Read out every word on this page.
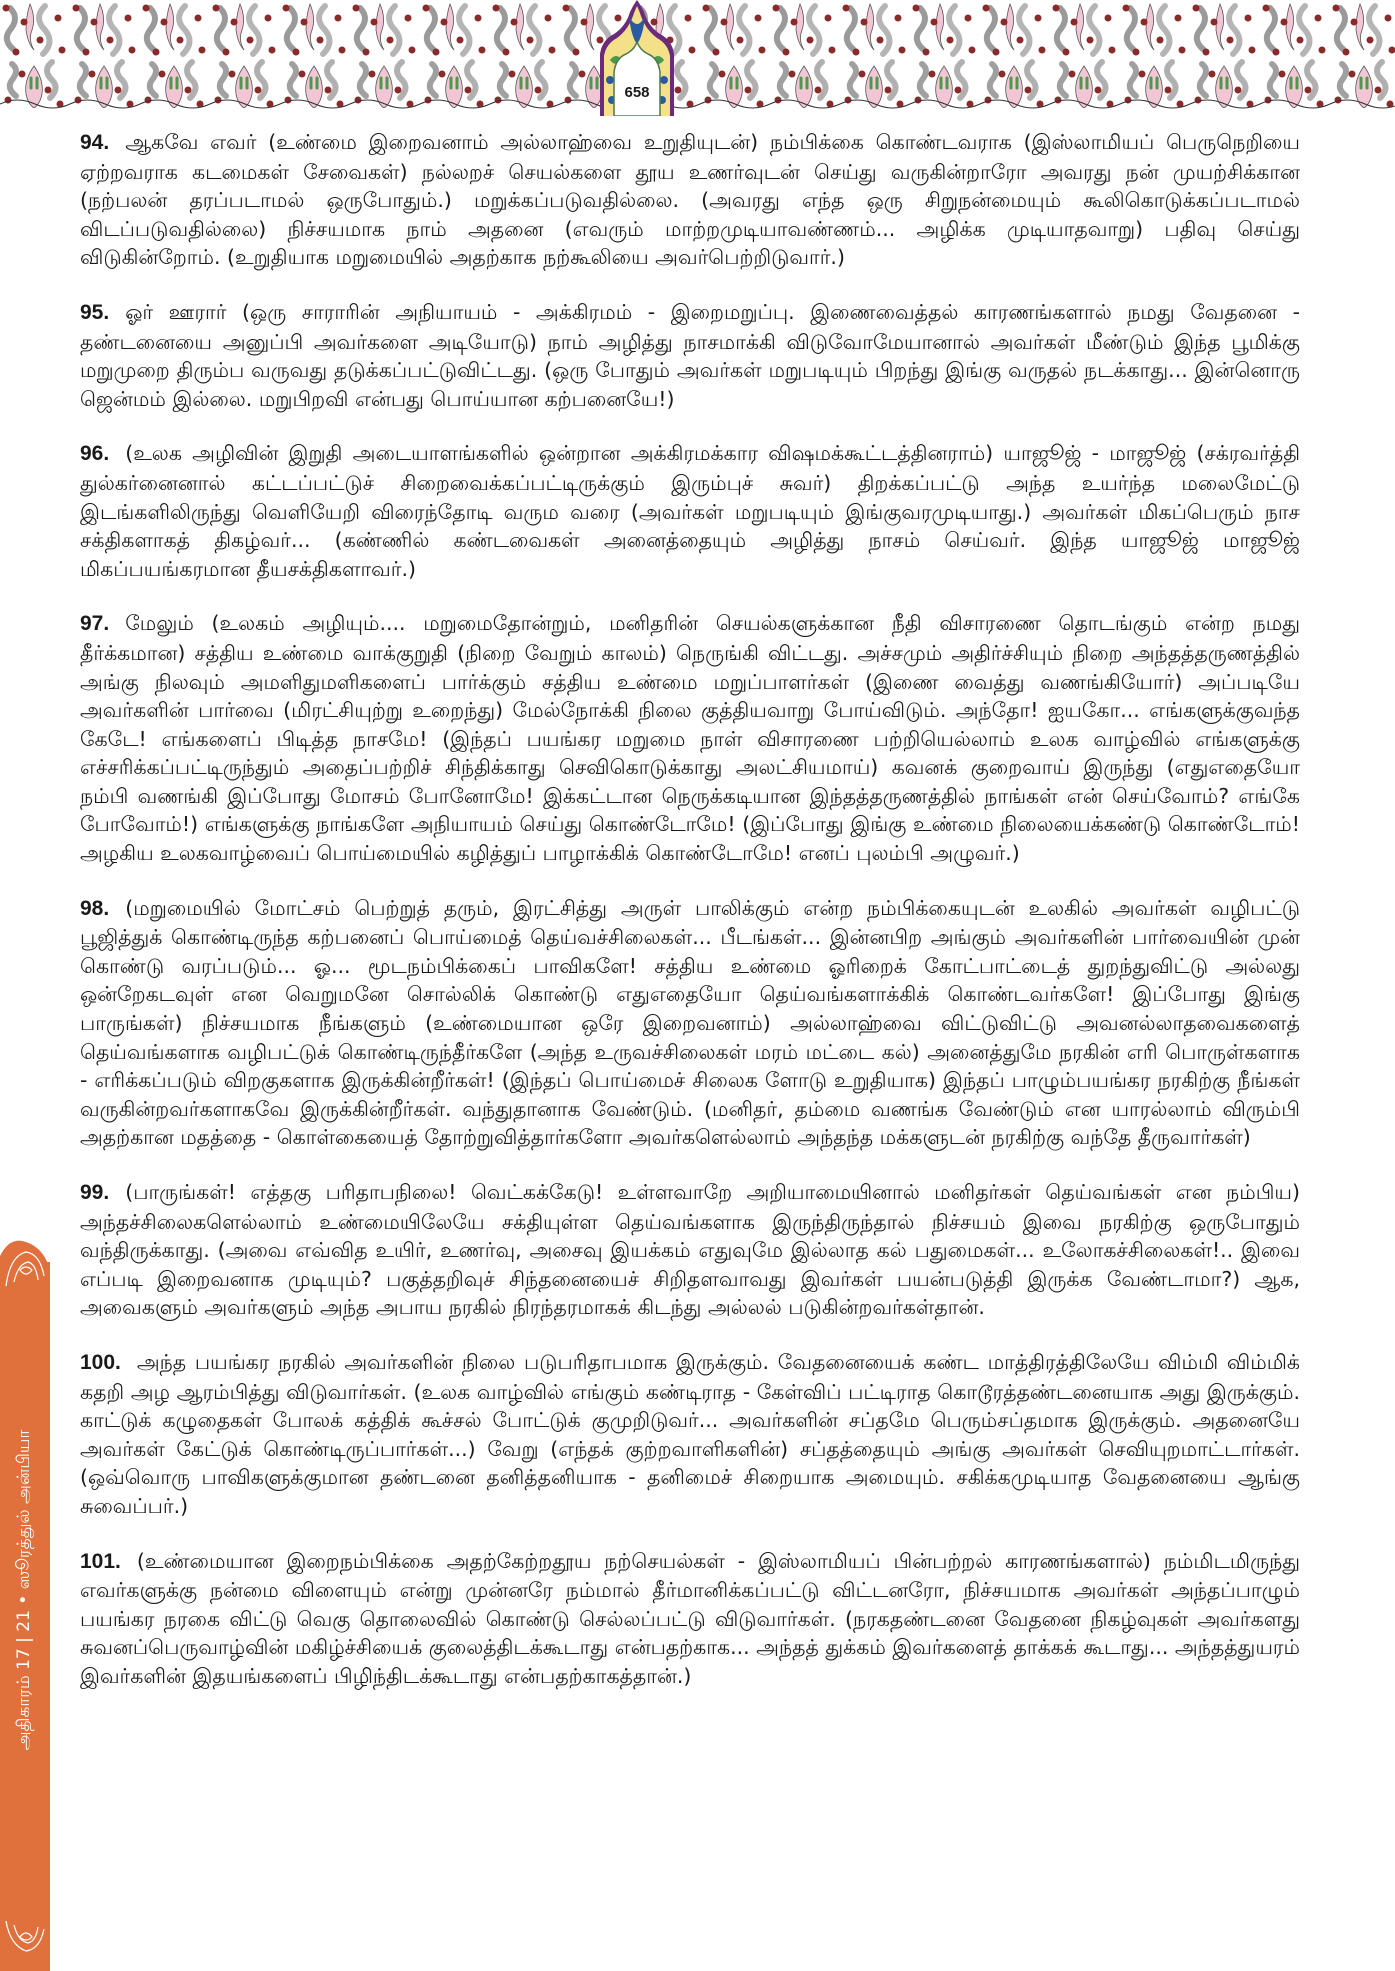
658
அதிகாரம் 17 | 21 • ஸூரத்துல் அன்பியா

94. ஆகவே எவர் (உண்மை இறைவனாம் அல்லாஹ்வை உறுதியுடன்) நம்பிக்கை கொண்டவராக (இஸ்லாமியப் பெருநெறியை ஏற்றவராக கடமைகள் சேவைகள்) நல்லறச் செயல்களை தூய உணர்வுடன் செய்து வருகின்றாரோ அவரது நன் முயற்சிக்கான (நற்பலன் தரப்படாமல் ஒருபோதும்.) மறுக்கப்படுவதில்லை. (அவரது எந்த ஒரு சிறுநன்மையும் கூலிகொடுக்கப்படாமல் விடப்படுவதில்லை) நிச்சயமாக நாம் அதனை (எவரும் மாற்றமுடியாவண்ணம்... அழிக்க முடியாதவாறு) பதிவு செய்து விடுகின்றோம். (உறுதியாக மறுமையில் அதற்காக நற்கூலியை அவர்பெற்றிடுவார்.)

95. ஓர் ஊரார் (ஒரு சாராரின் அநியாயம் - அக்கிரமம் - இறைமறுப்பு. இணைவைத்தல் காரணங்களால் நமது வேதனை - தண்டனையை அனுப்பி அவர்களை அடியோடு) நாம் அழித்து நாசமாக்கி விடுவோமேயானால் அவர்கள் மீண்டும் இந்த பூமிக்கு மறுமுறை திரும்ப வருவது தடுக்கப்பட்டுவிட்டது. (ஒரு போதும் அவர்கள் மறுபடியும் பிறந்து இங்கு வருதல் நடக்காது... இன்னொரு ஜென்மம் இல்லை. மறுபிறவி என்பது பொய்யான கற்பனையே!)

96. (உலக அழிவின் இறுதி அடையாளங்களில் ஒன்றான அக்கிரமக்கார விஷமக்கூட்டத்தினராம்) யாஜூஜ் - மாஜூஜ் (சக்ரவர்த்தி துல்கர்னைனால் கட்டப்பட்டுச் சிறைவைக்கப்பட்டிருக்கும் இரும்புச் சுவர்) திறக்கப்பட்டு அந்த உயர்ந்த மலைமேட்டு இடங்களிலிருந்து வெளியேறி விரைந்தோடி வரும வரை (அவர்கள் மறுபடியும் இங்குவரமுடியாது.) அவர்கள் மிகப்பெரும் நாச சக்திகளாகத் திகழ்வர்... (கண்ணில் கண்டவைகள் அனைத்தையும் அழித்து நாசம் செய்வர். இந்த யாஜூஜ் மாஜூஜ் மிகப்பயங்கரமான தீயசக்திகளாவர்.)

97. மேலும் (உலகம் அழியும்.... மறுமைதோன்றும், மனிதரின் செயல்களுக்கான நீதி விசாரணை தொடங்கும் என்ற நமது தீர்க்கமான) சத்திய உண்மை வாக்குறுதி (நிறை வேறும் காலம்) நெருங்கி விட்டது. அச்சமும் அதிர்ச்சியும் நிறை அந்தத்தருணத்தில் அங்கு நிலவும் அமளிதுமளிகளைப் பார்க்கும் சத்திய உண்மை மறுப்பாளர்கள் (இணை வைத்து வணங்கியோர்) அப்படியே அவர்களின் பார்வை (மிரட்சியுற்று உறைந்து) மேல்நோக்கி நிலை குத்தியவாறு போய்விடும். அந்தோ! ஐயகோ... எங்களுக்குவந்த கேடே! எங்களைப் பிடித்த நாசமே! (இந்தப் பயங்கர மறுமை நாள் விசாரணை பற்றியெல்லாம் உலக வாழ்வில் எங்களுக்கு எச்சரிக்கப்பட்டிருந்தும் அதைப்பற்றிச் சிந்திக்காது செவிகொடுக்காது அலட்சியமாய்) கவனக் குறைவாய் இருந்து (எதுஎதையோ நம்பி வணங்கி இப்போது மோசம் போனோமே! இக்கட்டான நெருக்கடியான இந்தத்தருணத்தில் நாங்கள் என் செய்வோம்? எங்கே போவோம்!) எங்களுக்கு நாங்களே அநியாயம் செய்து கொண்டோமே! (இப்போது இங்கு உண்மை நிலையைக்கண்டு கொண்டோம்! அழகிய உலகவாழ்வைப் பொய்மையில் கழித்துப் பாழாக்கிக் கொண்டோமே! எனப் புலம்பி அழுவர்.)

98. (மறுமையில் மோட்சம் பெற்றுத் தரும், இரட்சித்து அருள் பாலிக்கும் என்ற நம்பிக்கையுடன் உலகில் அவர்கள் வழிபட்டு பூஜித்துக் கொண்டிருந்த கற்பனைப் பொய்மைத் தெய்வச்சிலைகள்... பீடங்கள்... இன்னபிற அங்கும் அவர்களின் பார்வையின் முன் கொண்டு வரப்படும்... ஓ... மூடநம்பிக்கைப் பாவிகளே! சத்திய உண்மை ஓரிறைக் கோட்பாட்டைத் துறந்துவிட்டு அல்லது ஒன்றேகடவுள் என வெறுமனே சொல்லிக் கொண்டு எதுஎதையோ தெய்வங்களாக்கிக் கொண்டவர்களே! இப்போது இங்கு பாருங்கள்) நிச்சயமாக நீங்களும் (உண்மையான ஒரே இறைவனாம்) அல்லாஹ்வை விட்டுவிட்டு அவனல்லாதவைகளைத் தெய்வங்களாக வழிபட்டுக் கொண்டிருந்தீர்களே (அந்த உருவச்சிலைகள் மரம் மட்டை கல்) அனைத்துமே நரகின் எரி பொருள்களாக - எரிக்கப்படும் விறகுகளாக இருக்கின்றீர்கள்! (இந்தப் பொய்மைச் சிலைக ளோடு உறுதியாக) இந்தப் பாழும்பயங்கர நரகிற்கு நீங்கள் வருகின்றவர்களாகவே இருக்கின்றீர்கள். வந்துதானாக வேண்டும். (மனிதர், தம்மை வணங்க வேண்டும் என யாரல்லாம் விரும்பி அதற்கான மதத்தை - கொள்கையைத் தோற்றுவித்தார்களோ அவர்களெல்லாம் அந்தந்த மக்களுடன் நரகிற்கு வந்தே தீருவார்கள்)

99. (பாருங்கள்! எத்தகு பரிதாபநிலை! வெட்கக்கேடு! உள்ளவாறே அறியாமையினால் மனிதர்கள் தெய்வங்கள் என நம்பிய) அந்தச்சிலைகளெல்லாம் உண்மையிலேயே சக்தியுள்ள தெய்வங்களாக இருந்திருந்தால் நிச்சயம் இவை நரகிற்கு ஒருபோதும் வந்திருக்காது. (அவை எவ்வித உயிர், உணர்வு, அசைவு இயக்கம் எதுவுமே இல்லாத கல் பதுமைகள்... உலோகச்சிலைகள்!.. இவை எப்படி இறைவனாக முடியும்? பகுத்தறிவுச் சிந்தனையைச் சிறிதளவாவது இவர்கள் பயன்படுத்தி இருக்க வேண்டாமா?) ஆக, அவைகளும் அவர்களும் அந்த அபாய நரகில் நிரந்தரமாகக் கிடந்து அல்லல் படுகின்றவர்கள்தான்.

100. அந்த பயங்கர நரகில் அவர்களின் நிலை படுபரிதாபமாக இருக்கும். வேதனையைக் கண்ட மாத்திரத்திலேயே விம்மி விம்மிக் கதறி அழ ஆரம்பித்து விடுவார்கள். (உலக வாழ்வில் எங்கும் கண்டிராத - கேள்விப் பட்டிராத கொடூரத்தண்டனையாக அது இருக்கும். காட்டுக் கழுதைகள் போலக் கத்திக் கூச்சல் போட்டுக் குமுறிடுவர்... அவர்களின் சப்தமே பெரும்சப்தமாக இருக்கும். அதனையே அவர்கள் கேட்டுக் கொண்டிருப்பார்கள்...) வேறு (எந்தக் குற்றவாளிகளின்) சப்தத்தையும் அங்கு அவர்கள் செவியுறமாட்டார்கள். (ஒவ்வொரு பாவிகளுக்குமான தண்டனை தனித்தனியாக - தனிமைச் சிறையாக அமையும். சகிக்கமுடியாத வேதனையை ஆங்கு சுவைப்பர்.)

101. (உண்மையான இறைநம்பிக்கை அதற்கேற்றதூய நற்செயல்கள் - இஸ்லாமியப் பின்பற்றல் காரணங்களால்) நம்மிடமிருந்து எவர்களுக்கு நன்மை விளையும் என்று முன்னரே நம்மால் தீர்மானிக்கப்பட்டு விட்டனரோ, நிச்சயமாக அவர்கள் அந்தப்பாழும் பயங்கர நரகை விட்டு வெகு தொலைவில் கொண்டு செல்லப்பட்டு விடுவார்கள். (நரகதண்டனை வேதனை நிகழ்வுகள் அவர்களது சுவனப்பெருவாழ்வின் மகிழ்ச்சியைக் குலைத்திடக்கூடாது என்பதற்காக... அந்தத் துக்கம் இவர்களைத் தாக்கக் கூடாது... அந்தத்துயரம் இவர்களின் இதயங்களைப் பிழிந்திடக்கூடாது என்பதற்காகத்தான்.)
